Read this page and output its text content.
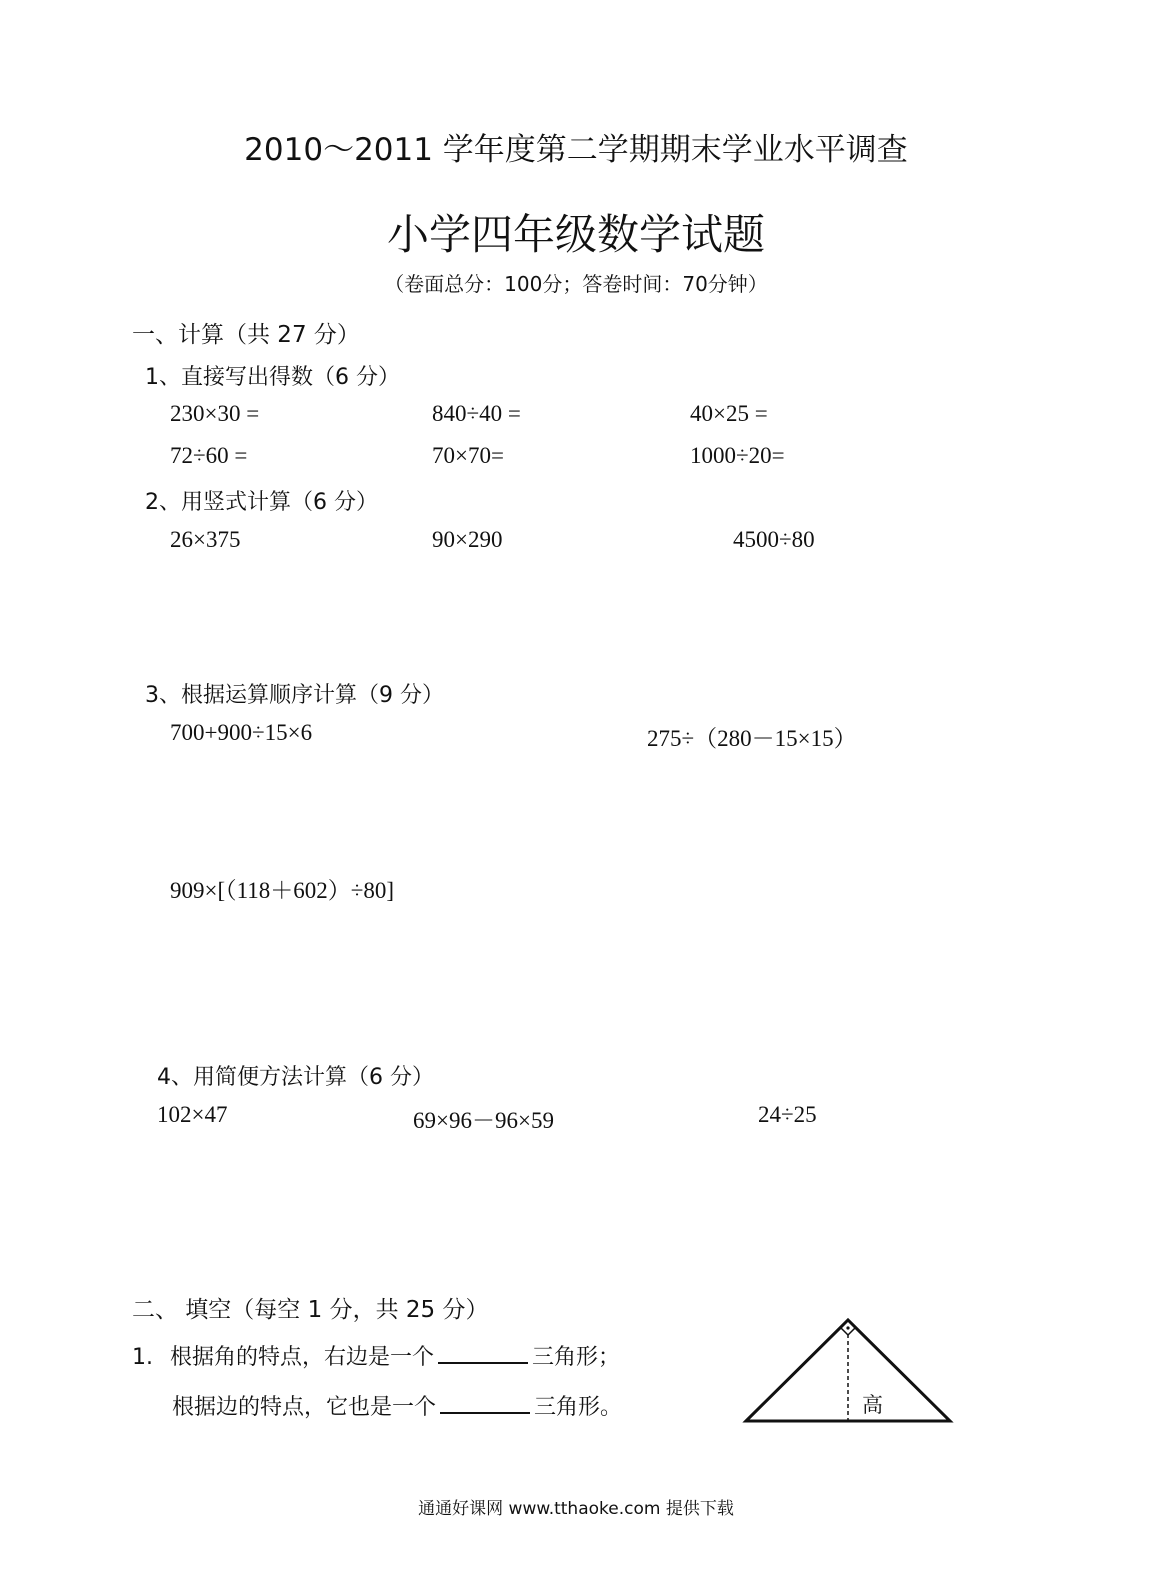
2010～2011 学年度第二学期期末学业水平调查
小学四年级数学试题
（卷面总分：100分；答卷时间：70分钟）
一、计算（共 27 分）
1、直接写出得数（6 分）
230×30 =	840÷40 =	40×25 =
72÷60 =	70×70=	1000÷20=
2、用竖式计算（6 分）
26×375	90×290	4500÷80
3、根据运算顺序计算（9 分）
700+900÷15×6	275÷（280－15×15）
909×[（118＋602）÷80]
4、用简便方法计算（6 分）
102×47	69×96－96×59	24÷25
二、 填空（每空 1 分，共 25 分）
1. 根据角的特点，右边是一个	三角形；
根据边的特点，它也是一个	三角形。	高
通通好课网 www.tthaoke.com 提供下载
